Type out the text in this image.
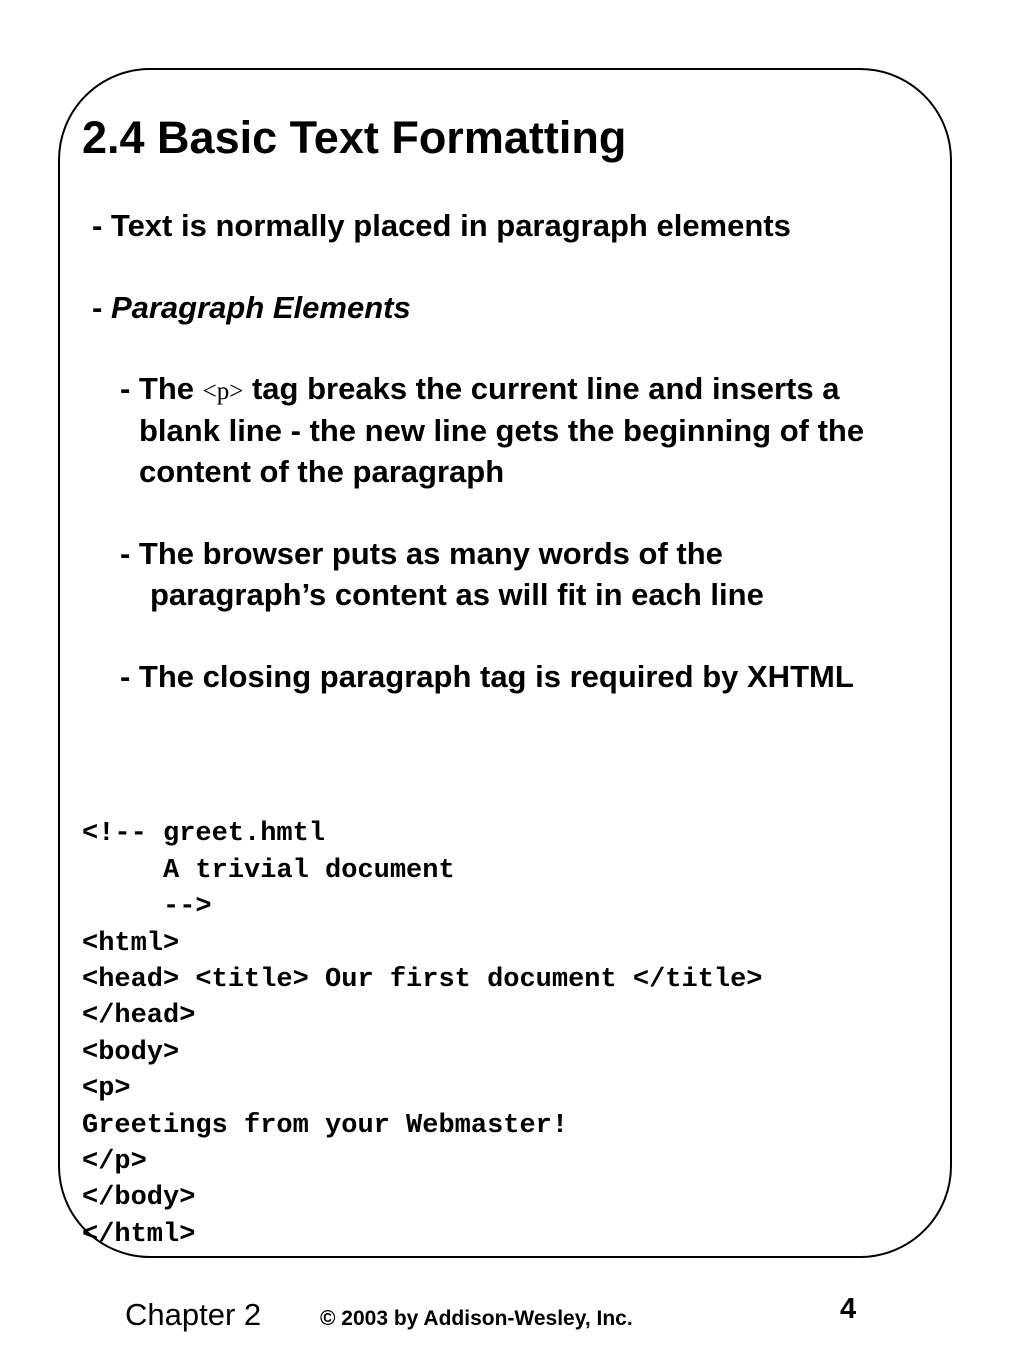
2.4 Basic Text Formatting
- Text is normally placed in paragraph elements
- Paragraph Elements
- The <p> tag breaks the current line and inserts a
blank line - the new line gets the beginning of the
content of the paragraph
- The browser puts as many words of the
paragraph’s content as will fit in each line
- The closing paragraph tag is required by XHTML

<!-- greet.hmtl
A trivial document
-->
<html>
<head> <title> Our first document </title>
</head>
<body>
<p>
Greetings from your Webmaster!
</p>
</body>
</html>

Chapter 2	© 2003 by Addison-Wesley, Inc.	4
